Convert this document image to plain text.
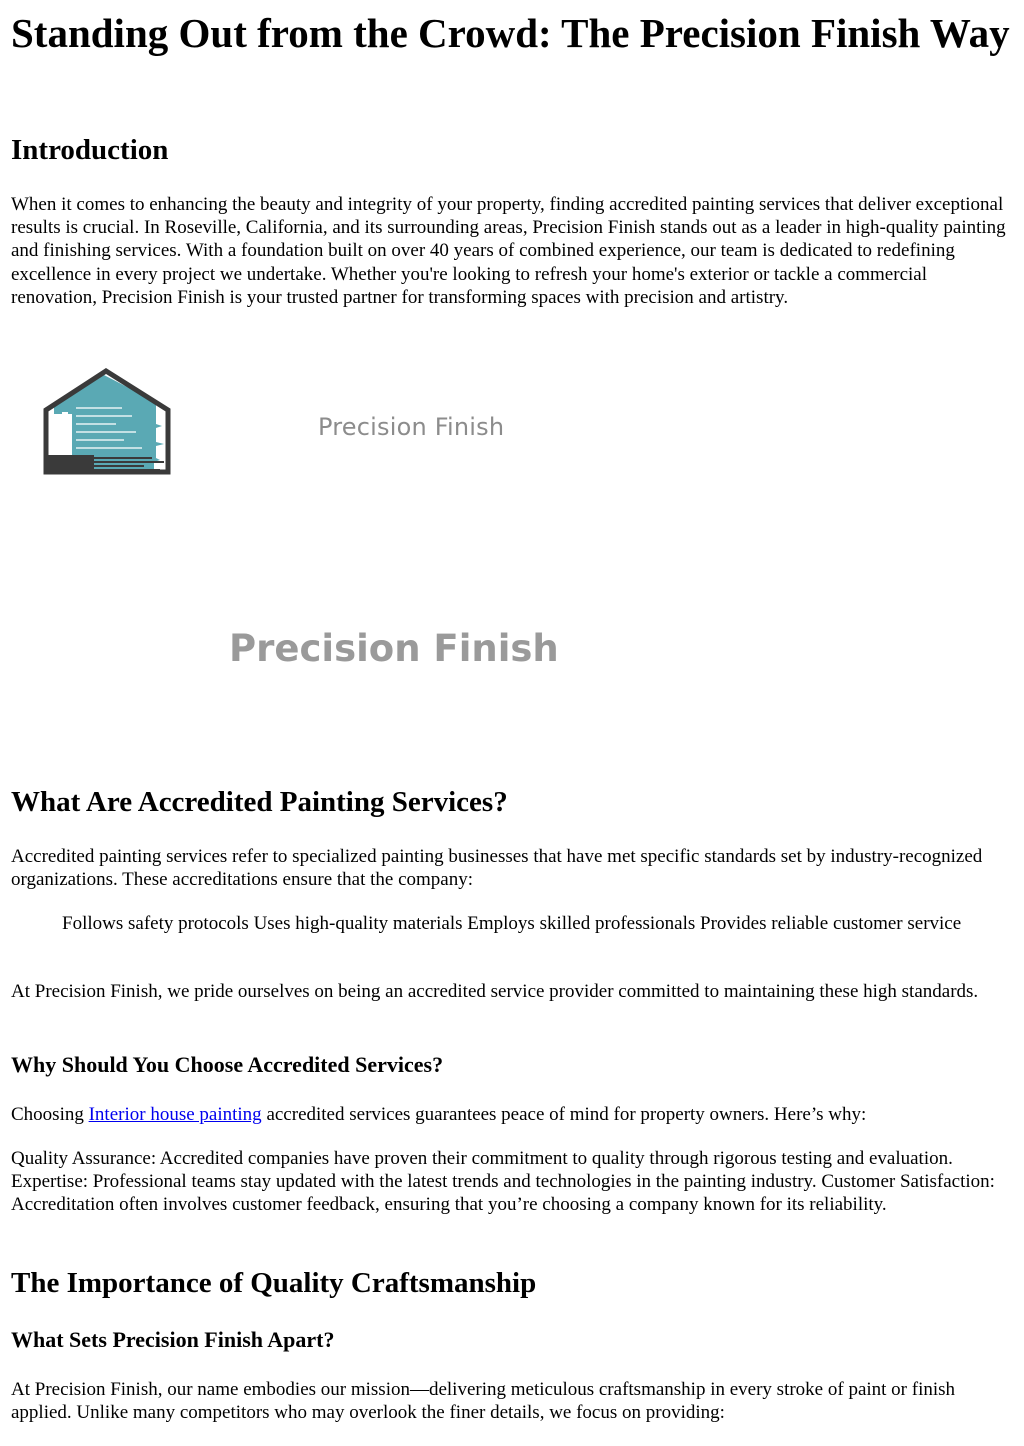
Standing Out from the Crowd: The Precision Finish Way
Introduction

When it comes to enhancing the beauty and integrity of your property, finding accredited painting services that deliver exceptional results is crucial. In Roseville, California, and its surrounding areas, Precision Finish stands out as a leader in high-quality painting and finishing services. With a foundation built on over 40 years of combined experience, our team is dedicated to redefining excellence in every project we undertake. Whether you're looking to refresh your home's exterior or tackle a commercial renovation, Precision Finish is your trusted partner for transforming spaces with precision and artistry.

What Are Accredited Painting Services?

Accredited painting services refer to specialized painting businesses that have met specific standards set by industry-recognized organizations. These accreditations ensure that the company:

Follows safety protocols Uses high-quality materials Employs skilled professionals Provides reliable customer service

At Precision Finish, we pride ourselves on being an accredited service provider committed to maintaining these high standards.

Why Should You Choose Accredited Services?

Choosing Interior house painting accredited services guarantees peace of mind for property owners. Here’s why:

Quality Assurance: Accredited companies have proven their commitment to quality through rigorous testing and evaluation. Expertise: Professional teams stay updated with the latest trends and technologies in the painting industry. Customer Satisfaction: Accreditation often involves customer feedback, ensuring that you’re choosing a company known for its reliability.

The Importance of Quality Craftsmanship
What Sets Precision Finish Apart?

At Precision Finish, our name embodies our mission—delivering meticulous craftsmanship in every stroke of paint or finish applied. Unlike many competitors who may overlook the finer details, we focus on providing:

Precision Finish
Precision Finish
